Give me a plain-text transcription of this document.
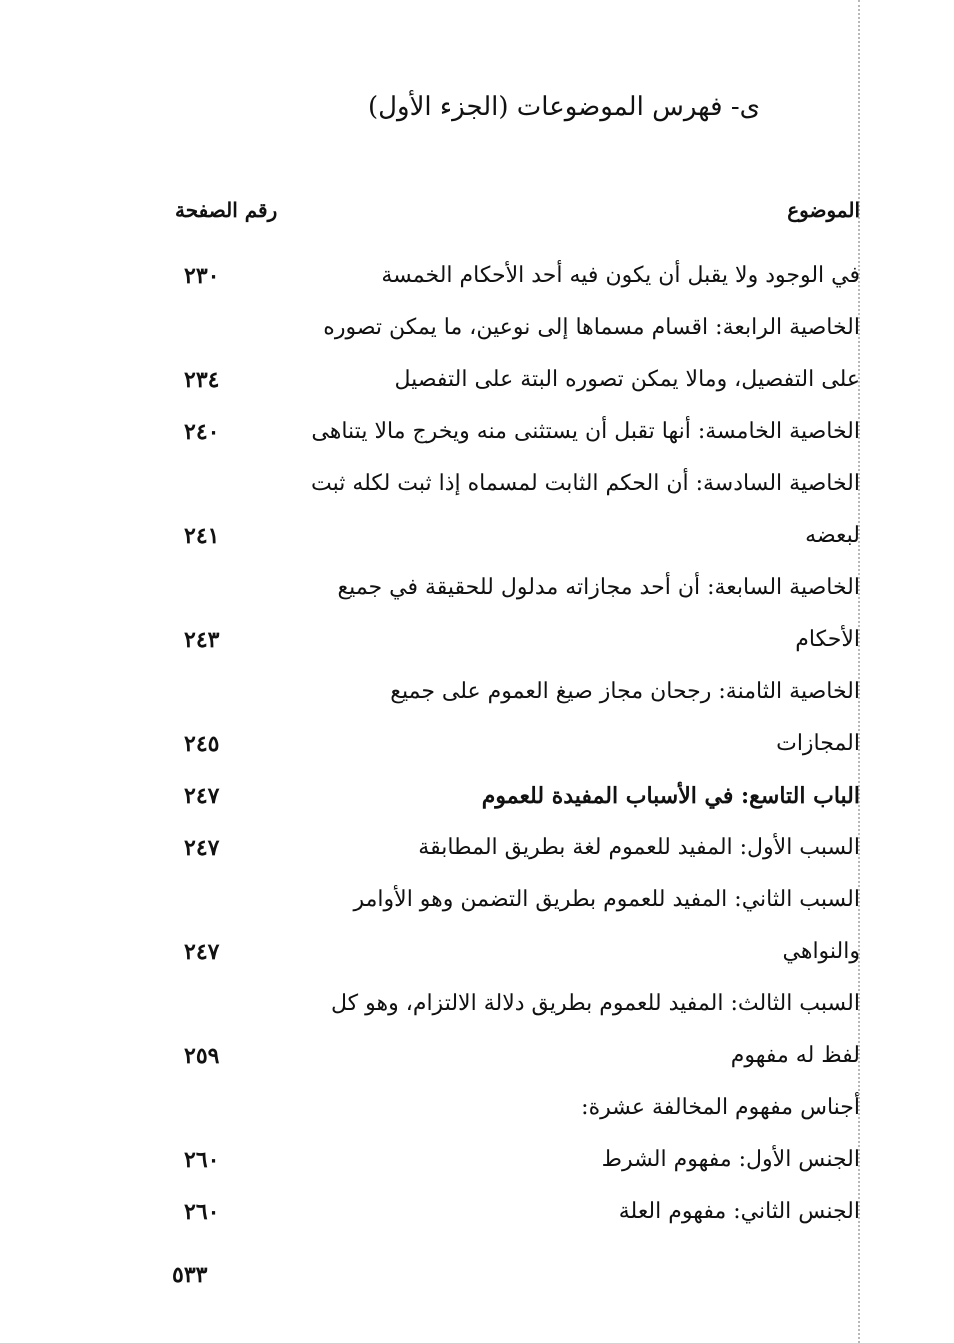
ى- فهرس الموضوعات (الجزء الأول)
الموضوع
رقم الصفحة
في الوجود ولا يقبل أن يكون فيه أحد الأحكام الخمسة
٢٣٠
الخاصية الرابعة: اقسام مسماها إلى نوعين، ما يمكن تصوره
على التفصيل، ومالا يمكن تصوره البتة على التفصيل
٢٣٤
الخاصية الخامسة: أنها تقبل أن يستثنى منه ويخرج مالا يتناهى
٢٤٠
الخاصية السادسة: أن الحكم الثابت لمسماه إذا ثبت لكله ثبت
لبعضه
٢٤١
الخاصية السابعة: أن أحد مجازاته مدلول للحقيقة في جميع
الأحكام
٢٤٣
الخاصية الثامنة: رجحان مجاز صيغ العموم على جميع
المجازات
٢٤٥
الباب التاسع: في الأسباب المفيدة للعموم
٢٤٧
السبب الأول: المفيد للعموم لغة بطريق المطابقة
٢٤٧
السبب الثاني: المفيد للعموم بطريق التضمن وهو الأوامر
والنواهي
٢٤٧
السبب الثالث: المفيد للعموم بطريق دلالة الالتزام، وهو كل
لفظ له مفهوم
٢٥٩
أجناس مفهوم المخالفة عشرة:
الجنس الأول: مفهوم الشرط
٢٦٠
الجنس الثاني: مفهوم العلة
٢٦٠
٥٣٣
